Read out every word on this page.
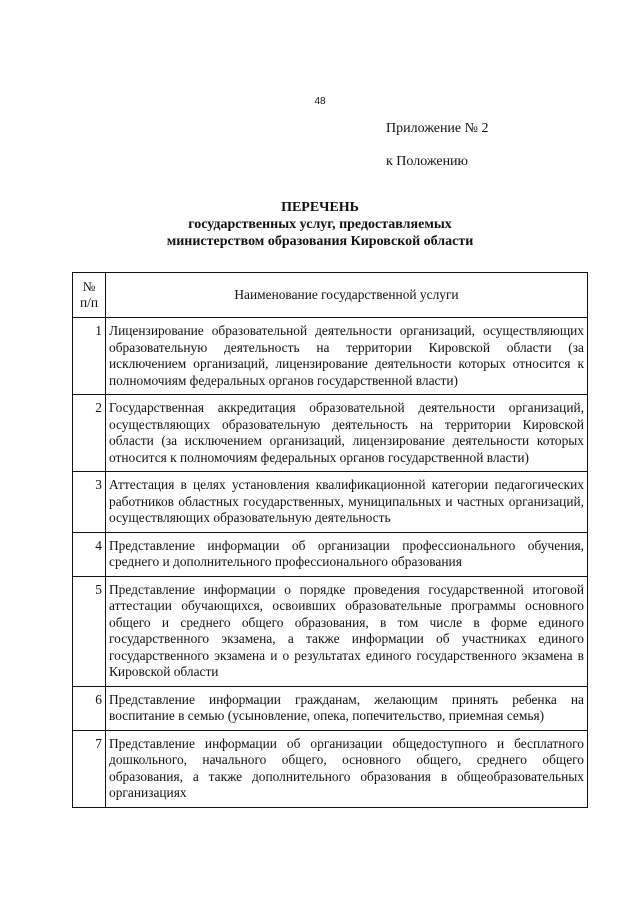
48
Приложение № 2
к Положению
ПЕРЕЧЕНЬ
государственных услуг, предоставляемых
министерством образования Кировской области
№ п/п	Наименование государственной услуги
1	Лицензирование образовательной деятельности организаций, осуществляющих образовательную деятельность на территории Кировской области (за исключением организаций, лицензирование деятельности которых относится к полномочиям федеральных органов государственной власти)
2	Государственная аккредитация образовательной деятельности организаций, осуществляющих образовательную деятельность на территории Кировской области (за исключением организаций, лицензирование деятельности которых относится к полномочиям федеральных органов государственной власти)
3	Аттестация в целях установления квалификационной категории педагогических работников областных государственных, муниципальных и частных организаций, осуществляющих образовательную деятельность
4	Представление информации об организации профессионального обучения, среднего и дополнительного профессионального образования
5	Представление информации о порядке проведения государственной итоговой аттестации обучающихся, освоивших образовательные программы основного общего и среднего общего образования, в том числе в форме единого государственного экзамена, а также информации об участниках единого государственного экзамена и о результатах единого государственного экзамена в Кировской области
6	Представление информации гражданам, желающим принять ребенка на воспитание в семью (усыновление, опека, попечительство, приемная семья)
7	Представление информации об организации общедоступного и бесплатного дошкольного, начального общего, основного общего, среднего общего образования, а также дополнительного образования в общеобразовательных организациях
